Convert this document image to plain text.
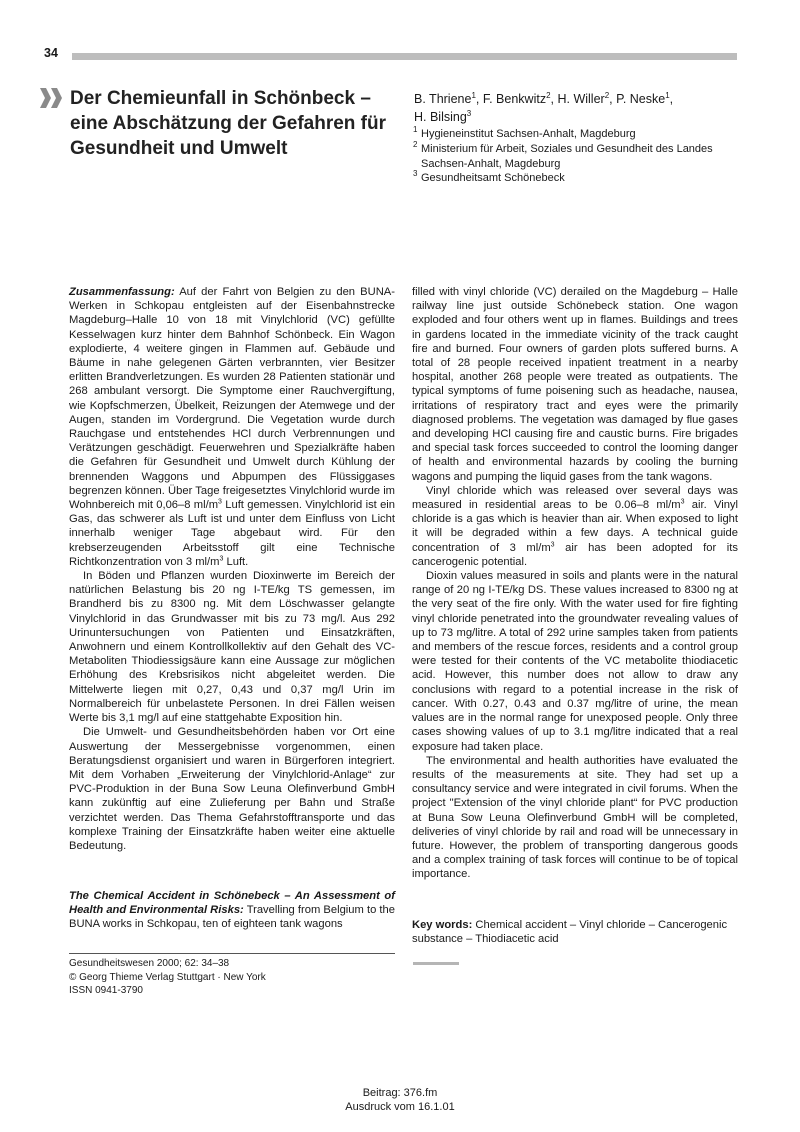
34
Der Chemieunfall in Schönbeck – eine Abschätzung der Gefahren für Gesundheit und Umwelt
B. Thriene$^1$, F. Benkwitz$^2$, H. Willer$^2$, P. Neske$^1$,
H. Bilsing$^3$
1 Hygieneinstitut Sachsen-Anhalt, Magdeburg
2 Ministerium für Arbeit, Soziales und Gesundheit des Landes
Sachsen-Anhalt, Magdeburg
3 Gesundheitsamt Schönebeck

Zusammenfassung: Auf der Fahrt von Belgien zu den BUNA-Werken in Schkopau entgleisten auf der Eisenbahnstrecke Magdeburg–Halle 10 von 18 mit Vinylchlorid (VC) gefüllte Kesselwagen kurz hinter dem Bahnhof Schönbeck. Ein Wagon explodierte, 4 weitere gingen in Flammen auf. Gebäude und Bäume in nahe gelegenen Gärten verbrannten, vier Besitzer erlitten Brandverletzungen. Es wurden 28 Patienten stationär und 268 ambulant versorgt. Die Symptome einer Rauchvergiftung, wie Kopfschmerzen, Übelkeit, Reizungen der Atemwege und der Augen, standen im Vordergrund. Die Vegetation wurde durch Rauchgase und entstehendes HCl durch Verbrennungen und Verätzungen geschädigt. Feuerwehren und Spezialkräfte haben die Gefahren für Gesundheit und Umwelt durch Kühlung der brennenden Waggons und Abpumpen des Flüssiggases begrenzen können. Über Tage freigesetztes Vinylchlorid wurde im Wohnbereich mit 0,06–8 $ml/m^3$ Luft gemessen. Vinylchlorid ist ein Gas, das schwerer als Luft ist und unter dem Einfluss von Licht innerhalb weniger Tage abgebaut wird. Für den krebserzeugenden Arbeitsstoff gilt eine Technische Richtkonzentration von 3 $ml/m^3$ Luft.

In Böden und Pflanzen wurden Dioxinwerte im Bereich der natürlichen Belastung bis 20 ng I-TE/kg TS gemessen, im Brandherd bis zu 8300 ng. Mit dem Löschwasser gelangte Vinylchlorid in das Grundwasser mit bis zu 73 mg/l. Aus 292 Urinuntersuchungen von Patienten und Einsatzkräften, Anwohnern und einem Kontrollkollektiv auf den Gehalt des VC-Metaboliten Thiodiessigsäure kann eine Aussage zur möglichen Erhöhung des Krebsrisikos nicht abgeleitet werden. Die Mittelwerte liegen mit 0,27, 0,43 und 0,37 mg/l Urin im Normalbereich für unbelastete Personen. In drei Fällen weisen Werte bis 3,1 mg/l auf eine stattgehabte Exposition hin.

Die Umwelt- und Gesundheitsbehörden haben vor Ort eine Auswertung der Messergebnisse vorgenommen, einen Beratungsdienst organisiert und waren in Bürgerforen integriert. Mit dem Vorhaben „Erweiterung der Vinylchlorid-Anlage“ zur PVC-Produktion in der Buna Sow Leuna Olefinverbund GmbH kann zukünftig auf eine Zulieferung per Bahn und Straße verzichtet werden. Das Thema Gefahrstofftransporte und das komplexe Training der Einsatzkräfte haben weiter eine aktuelle Bedeutung.

The Chemical Accident in Schönebeck – An Assessment of Health and Environmental Risks: Travelling from Belgium to the BUNA works in Schkopau, ten of eighteen tank wagons

filled with vinyl chloride (VC) derailed on the Magdeburg – Halle railway line just outside Schönebeck station. One wagon exploded and four others went up in flames. Buildings and trees in gardens located in the immediate vicinity of the track caught fire and burned. Four owners of garden plots suffered burns. A total of 28 people received inpatient treatment in a nearby hospital, another 268 people were treated as outpatients. The typical symptoms of fume poisening such as headache, nausea, irritations of respiratory tract and eyes were the primarily diagnosed problems. The vegetation was damaged by flue gases and developing HCl causing fire and caustic burns. Fire brigades and special task forces succeeded to control the looming danger of health and environmental hazards by cooling the burning wagons and pumping the liquid gases from the tank wagons.

Vinyl chloride which was released over several days was measured in residential areas to be 0.06–8 $ml/m^3$ air. Vinyl chloride is a gas which is heavier than air. When exposed to light it will be degraded within a few days. A technical guide concentration of 3 $ml/m^3$ air has been adopted for its cancerogenic potential.

Dioxin values measured in soils and plants were in the natural range of 20 ng I-TE/kg DS. These values increased to 8300 ng at the very seat of the fire only. With the water used for fire fighting vinyl chloride penetrated into the groundwater revealing values of up to 73 mg/litre. A total of 292 urine samples taken from patients and members of the rescue forces, residents and a control group were tested for their contents of the VC metabolite thiodiacetic acid. However, this number does not allow to draw any conclusions with regard to a potential increase in the risk of cancer. With 0.27, 0.43 and 0.37 mg/litre of urine, the mean values are in the normal range for unexposed people. Only three cases showing values of up to 3.1 mg/litre indicated that a real exposure had taken place.

The environmental and health authorities have evaluated the results of the measurements at site. They had set up a consultancy service and were integrated in civil forums. When the project "Extension of the vinyl chloride plant“ for PVC production at Buna Sow Leuna Olefinverbund GmbH will be completed, deliveries of vinyl chloride by rail and road will be unnecessary in future. However, the problem of transporting dangerous goods and a complex training of task forces will continue to be of topical importance.

Key words: Chemical accident – Vinyl chloride – Cancerogenic substance – Thiodiacetic acid
Gesundheitswesen 2000; 62: 34–38
© Georg Thieme Verlag Stuttgart · New York
ISSN 0941-3790
Beitrag: 376.fm
Ausdruck vom 16.1.01
